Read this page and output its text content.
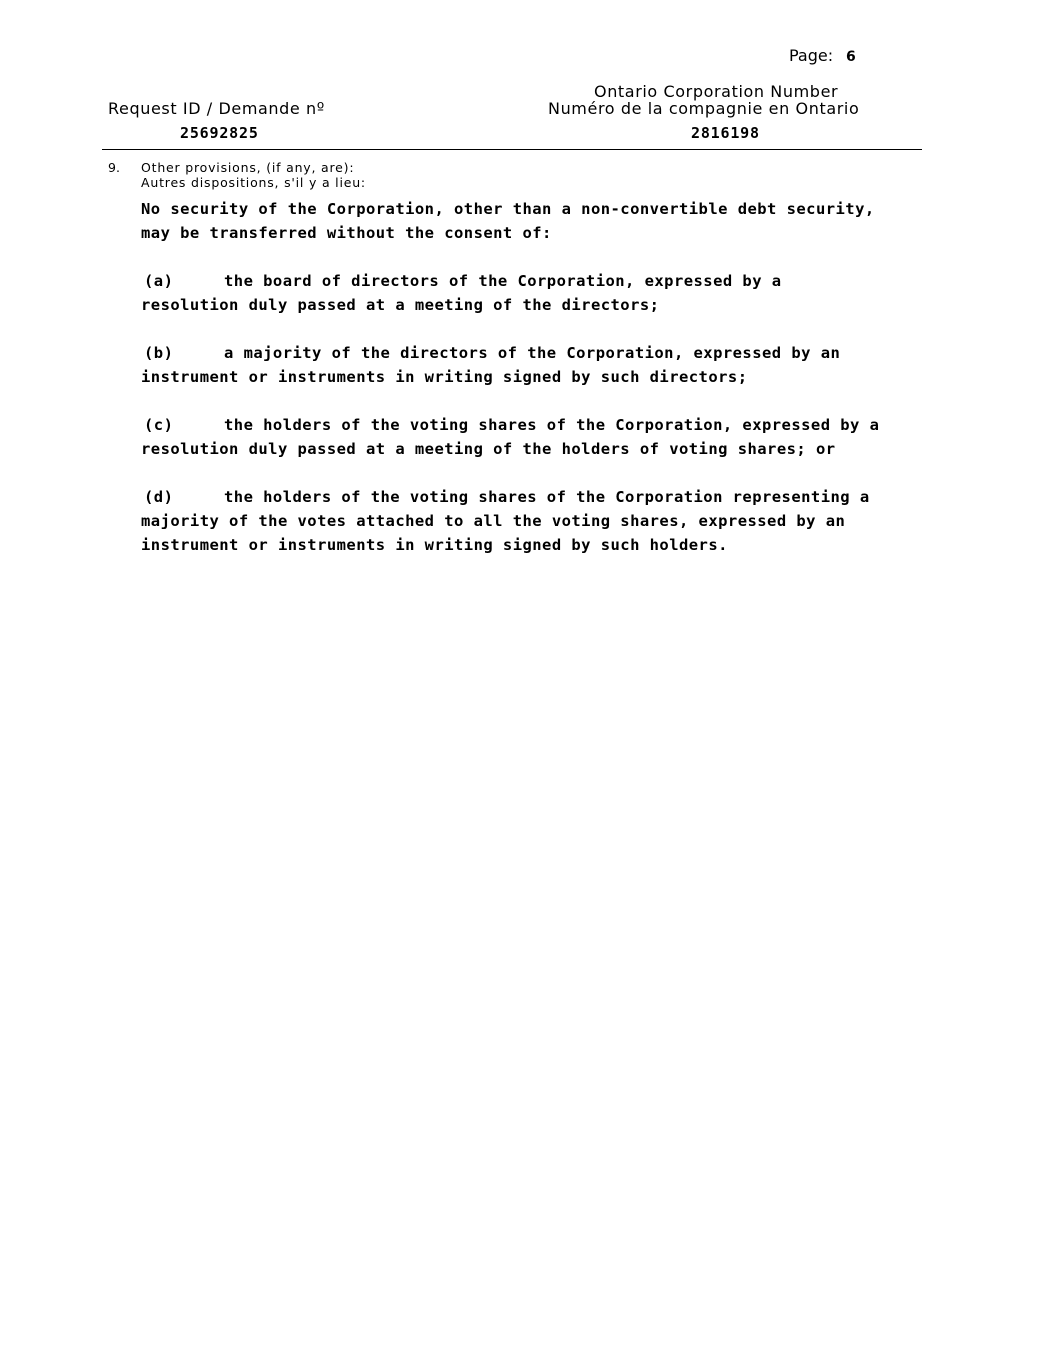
Page: 6
Request ID / Demande nº
Ontario Corporation Number
Numéro de la compagnie en Ontario
25692825	2816198
9. Other provisions, (if any, are):
Autres dispositions, s'il y a lieu:

No security of the Corporation, other than a non-convertible debt security,
may be transferred without the consent of:

(a)	the board of directors of the Corporation, expressed by a
resolution duly passed at a meeting of the directors;
(b)	a majority of the directors of the Corporation, expressed by an
instrument or instruments in writing signed by such directors;
(c)	the holders of the voting shares of the Corporation, expressed by a
resolution duly passed at a meeting of the holders of voting shares; or
(d)	the holders of the voting shares of the Corporation representing a
majority of the votes attached to all the voting shares, expressed by an
instrument or instruments in writing signed by such holders.
